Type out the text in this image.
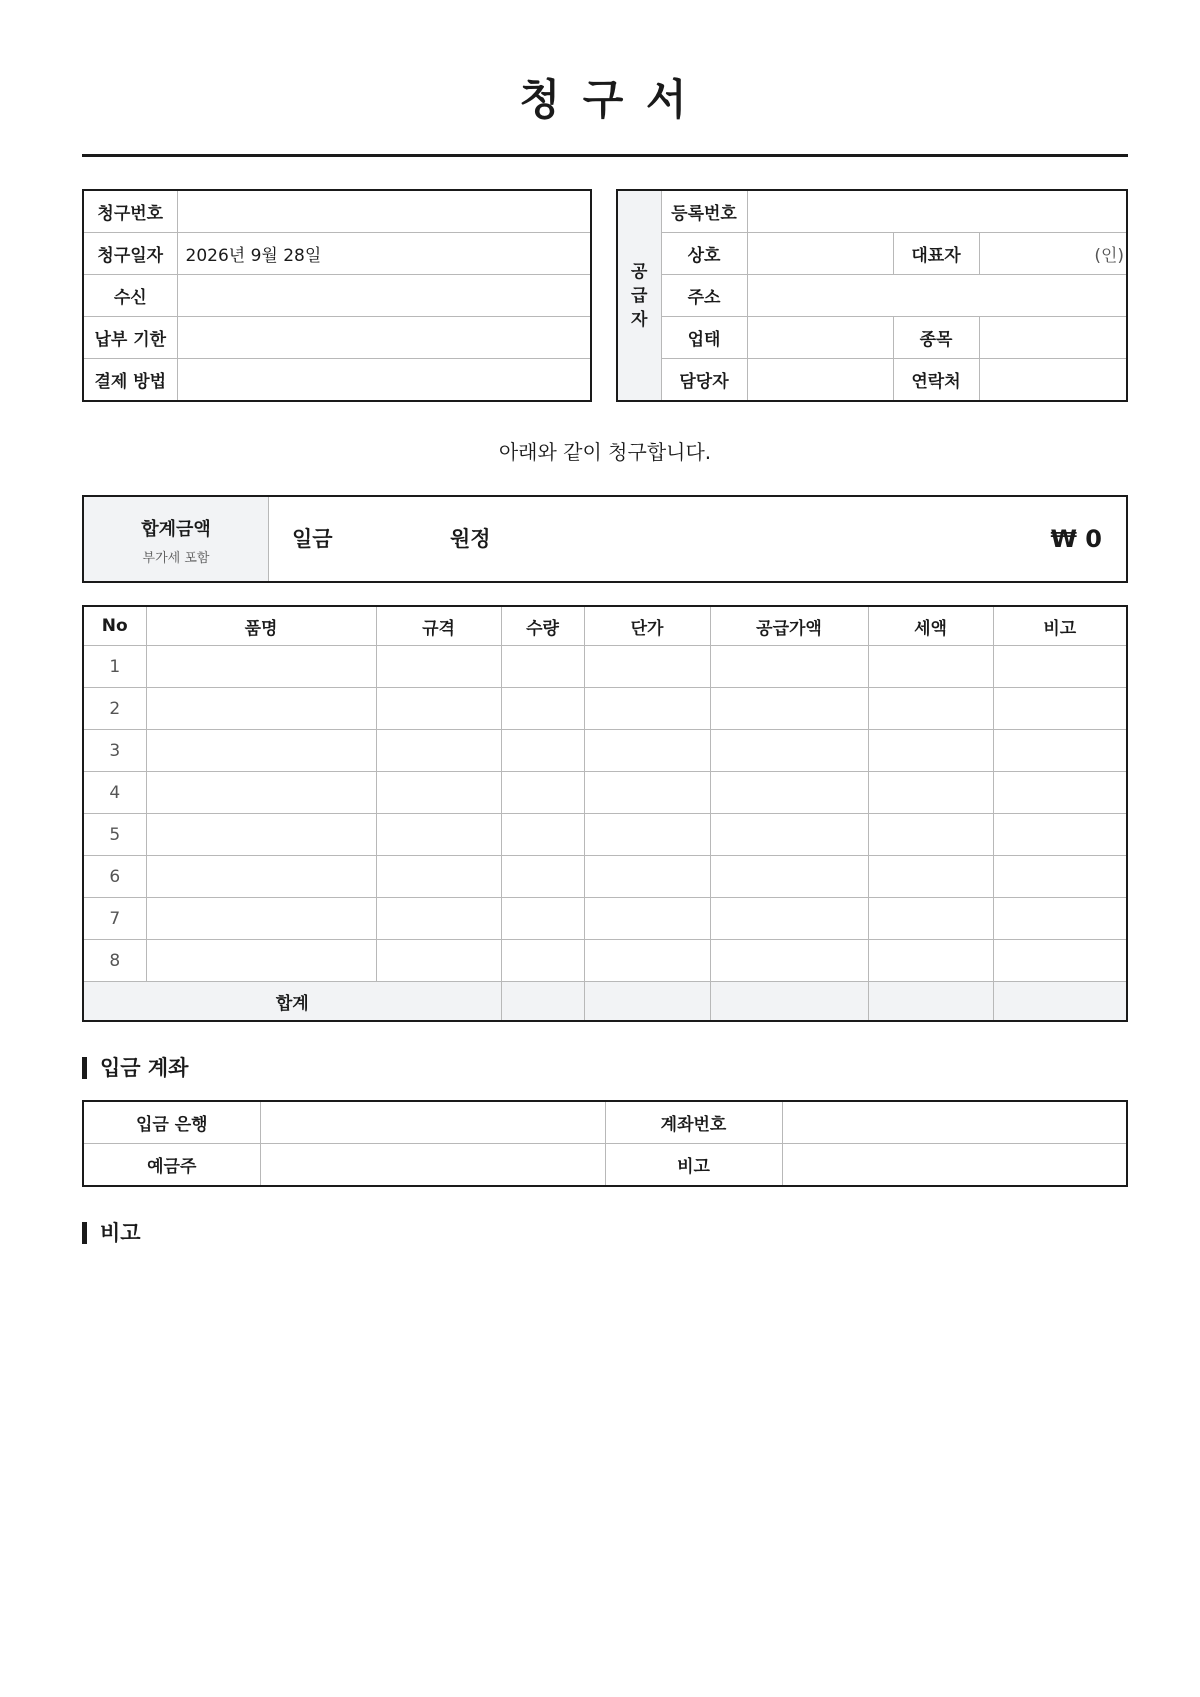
청 구 서
청구번호	
청구일자	2026년 9월 28일
수신	
납부 기한	
결제 방법	
공
급
자	등록번호			
	상호		대표자	(인)
	주소			
	업태		종목	
	담당자		연락처	
아래와 같이 청구합니다.
합계금액
부가세 포함
일금	원정	₩ 0
No	품명	규격	수량	단가	공급가액	세액	비고
1							
2							
3							
4							
5							
6							
7							
8							
합계							
입금 계좌
입금 은행		계좌번호	
예금주		비고	
비고
